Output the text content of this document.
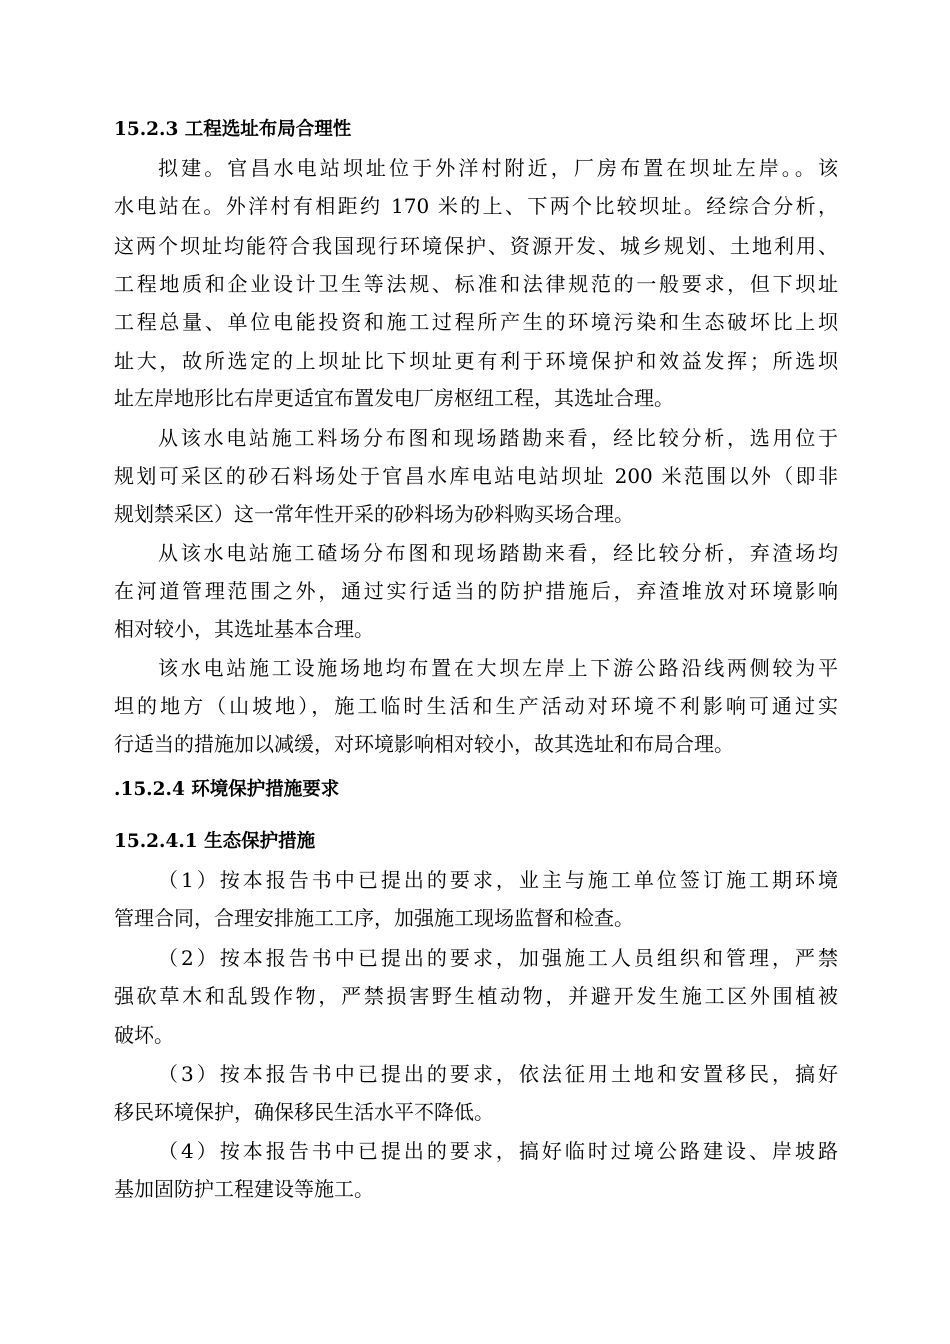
15.2.3 工程选址布局合理性
拟建。官昌水电站坝址位于外洋村附近，厂房布置在坝址左岸。。该
水电站在。外洋村有相距约 170 米的上、下两个比较坝址。经综合分析，
这两个坝址均能符合我国现行环境保护、资源开发、城乡规划、土地利用、
工程地质和企业设计卫生等法规、标准和法律规范的一般要求，但下坝址
工程总量、单位电能投资和施工过程所产生的环境污染和生态破坏比上坝
址大，故所选定的上坝址比下坝址更有利于环境保护和效益发挥；所选坝
址左岸地形比右岸更适宜布置发电厂房枢纽工程，其选址合理。
从该水电站施工料场分布图和现场踏勘来看，经比较分析，选用位于
规划可采区的砂石料场处于官昌水库电站电站坝址 200 米范围以外（即非
规划禁采区）这一常年性开采的砂料场为砂料购买场合理。
从该水电站施工碴场分布图和现场踏勘来看，经比较分析，弃渣场均
在河道管理范围之外，通过实行适当的防护措施后，弃渣堆放对环境影响
相对较小，其选址基本合理。
该水电站施工设施场地均布置在大坝左岸上下游公路沿线两侧较为平
坦的地方（山坡地），施工临时生活和生产活动对环境不利影响可通过实
行适当的措施加以减缓，对环境影响相对较小，故其选址和布局合理。
.15.2.4 环境保护措施要求
15.2.4.1 生态保护措施
（1）按本报告书中已提出的要求，业主与施工单位签订施工期环境
管理合同，合理安排施工工序，加强施工现场监督和检查。
（2）按本报告书中已提出的要求，加强施工人员组织和管理，严禁
强砍草木和乱毁作物，严禁损害野生植动物，并避开发生施工区外围植被
破坏。
（3）按本报告书中已提出的要求，依法征用土地和安置移民，搞好
移民环境保护，确保移民生活水平不降低。
（4）按本报告书中已提出的要求，搞好临时过境公路建设、岸坡路
基加固防护工程建设等施工。
